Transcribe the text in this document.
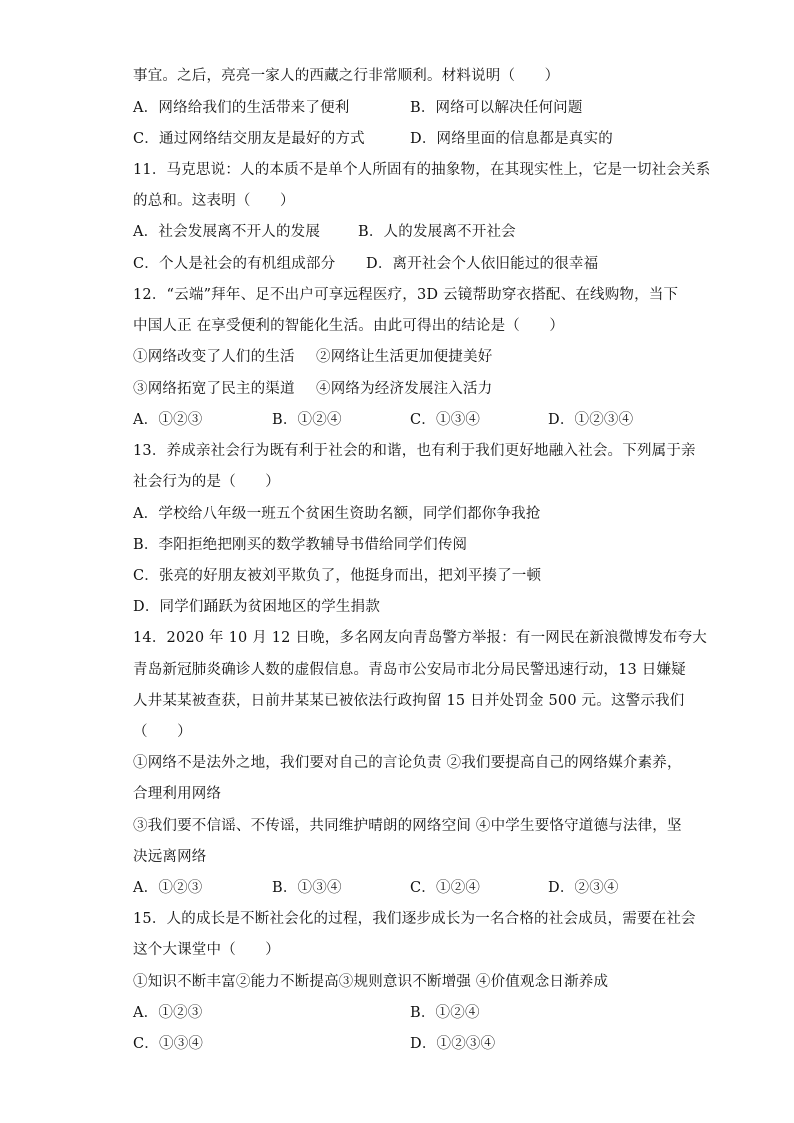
事宜。之后，亮亮一家人的西藏之行非常顺利。材料说明（　　）
A．网络给我们的生活带来了便利	B．网络可以解决任何问题
C．通过网络结交朋友是最好的方式	D．网络里面的信息都是真实的
11．马克思说：人的本质不是单个人所固有的抽象物，在其现实性上，它是一切社会关系
的总和。这表明（　　）
A．社会发展离不开人的发展	B．人的发展离不开社会
C．个人是社会的有机组成部分 D．离开社会个人依旧能过的很幸福
12．“云端”拜年、足不出户可享远程医疗，3D 云镜帮助穿衣搭配、在线购物，当下
中国人正 在享受便利的智能化生活。由此可得出的结论是（　　）
①网络改变了人们的生活 ②网络让生活更加便捷美好
③网络拓宽了民主的渠道 ④网络为经济发展注入活力
A．①②③	B．①②④	C．①③④	D．①②③④
13．养成亲社会行为既有利于社会的和谐，也有利于我们更好地融入社会。下列属于亲
社会行为的是（　　）
A．学校给八年级一班五个贫困生资助名额，同学们都你争我抢
B．李阳拒绝把刚买的数学教辅导书借给同学们传阅
C．张亮的好朋友被刘平欺负了，他挺身而出，把刘平揍了一顿
D．同学们踊跃为贫困地区的学生捐款
14．2020 年 10 月 12 日晚，多名网友向青岛警方举报：有一网民在新浪微博发布夸大
青岛新冠肺炎确诊人数的虚假信息。青岛市公安局市北分局民警迅速行动，13 日嫌疑
人井某某被查获，日前井某某已被依法行政拘留 15 日并处罚金 500 元。这警示我们
（　　）
①网络不是法外之地，我们要对自己的言论负责 ②我们要提高自己的网络媒介素养，
合理利用网络
③我们要不信谣、不传谣，共同维护晴朗的网络空间 ④中学生要恪守道德与法律，坚
决远离网络
A．①②③	B．①③④	C．①②④	D．②③④
15．人的成长是不断社会化的过程，我们逐步成长为一名合格的社会成员，需要在社会
这个大课堂中（　　）
①知识不断丰富②能力不断提高③规则意识不断增强 ④价值观念日渐养成
A．①②③	B．①②④
C．①③④	D．①②③④
